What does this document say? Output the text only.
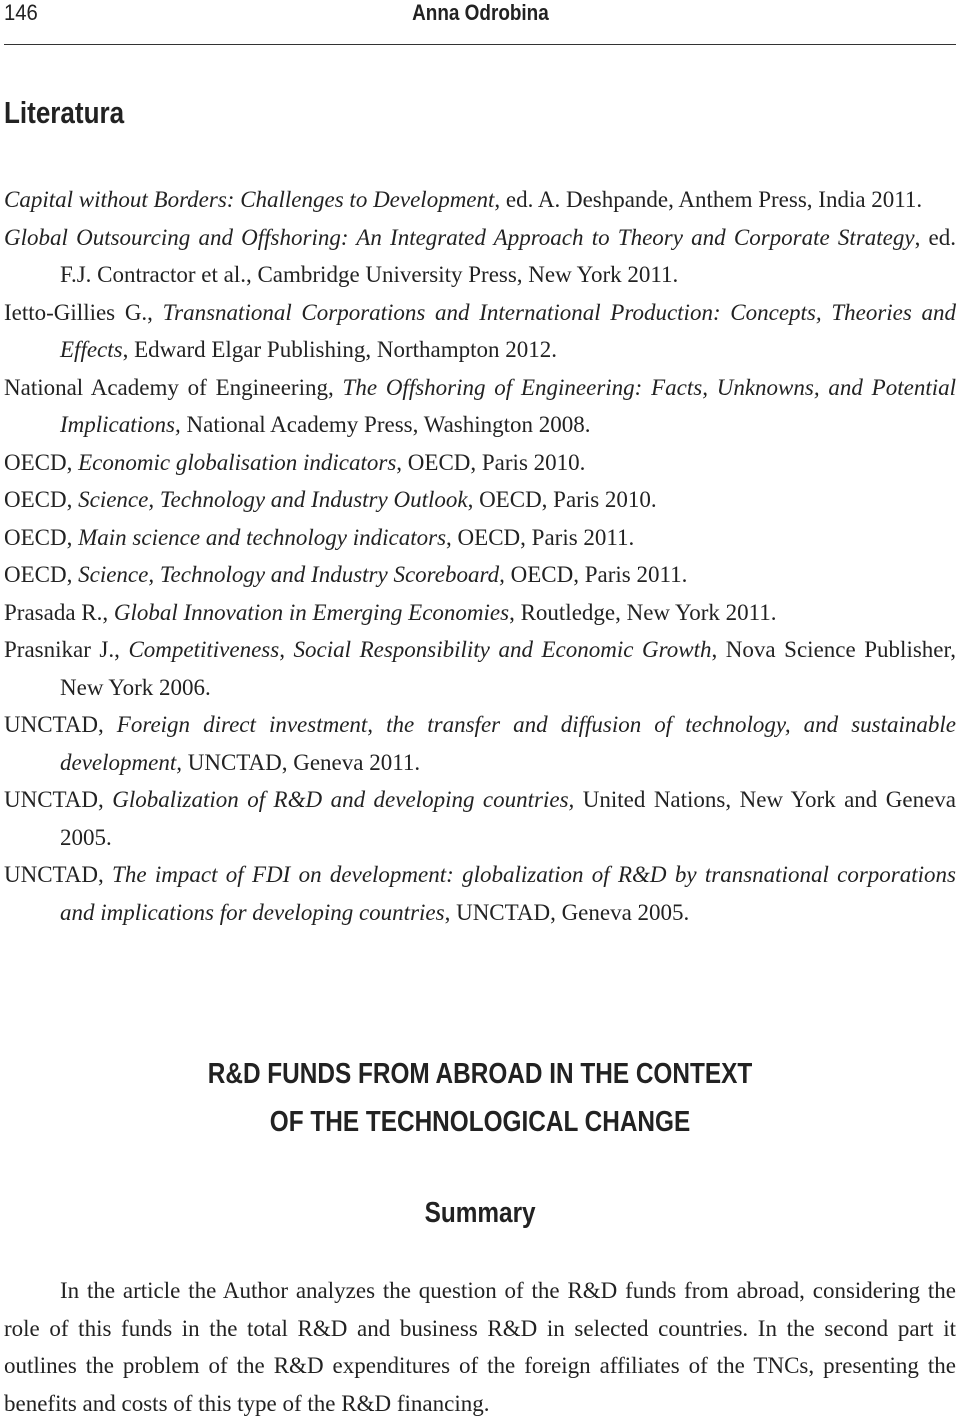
146	Anna Odrobina
Literatura
Capital without Borders: Challenges to Development, ed. A. Deshpande, Anthem Press, India 2011.
Global Outsourcing and Offshoring: An Integrated Approach to Theory and Corporate Strategy, ed. F.J. Contractor et al., Cambridge University Press, New York 2011.
Ietto-Gillies G., Transnational Corporations and International Production: Concepts, Theories and Effects, Edward Elgar Publishing, Northampton 2012.
National Academy of Engineering, The Offshoring of Engineering: Facts, Unknowns, and Potential Implications, National Academy Press, Washington 2008.
OECD, Economic globalisation indicators, OECD, Paris 2010.
OECD, Science, Technology and Industry Outlook, OECD, Paris 2010.
OECD, Main science and technology indicators, OECD, Paris 2011.
OECD, Science, Technology and Industry Scoreboard, OECD, Paris 2011.
Prasada R., Global Innovation in Emerging Economies, Routledge, New York 2011.
Prasnikar J., Competitiveness, Social Responsibility and Economic Growth, Nova Science Publisher, New York 2006.
UNCTAD, Foreign direct investment, the transfer and diffusion of technology, and sustainable development, UNCTAD, Geneva 2011.
UNCTAD, Globalization of R&D and developing countries, United Nations, New York and Geneva 2005.
UNCTAD, The impact of FDI on development: globalization of R&D by transnational corporations and implications for developing countries, UNCTAD, Geneva 2005.
R&D FUNDS FROM ABROAD IN THE CONTEXT
OF THE TECHNOLOGICAL CHANGE
Summary
In the article the Author analyzes the question of the R&D funds from abroad, considering the role of this funds in the total R&D and business R&D in selected countries. In the second part it outlines the problem of the R&D expenditures of the foreign affiliates of the TNCs, presenting the benefits and costs of this type of the R&D financing.
